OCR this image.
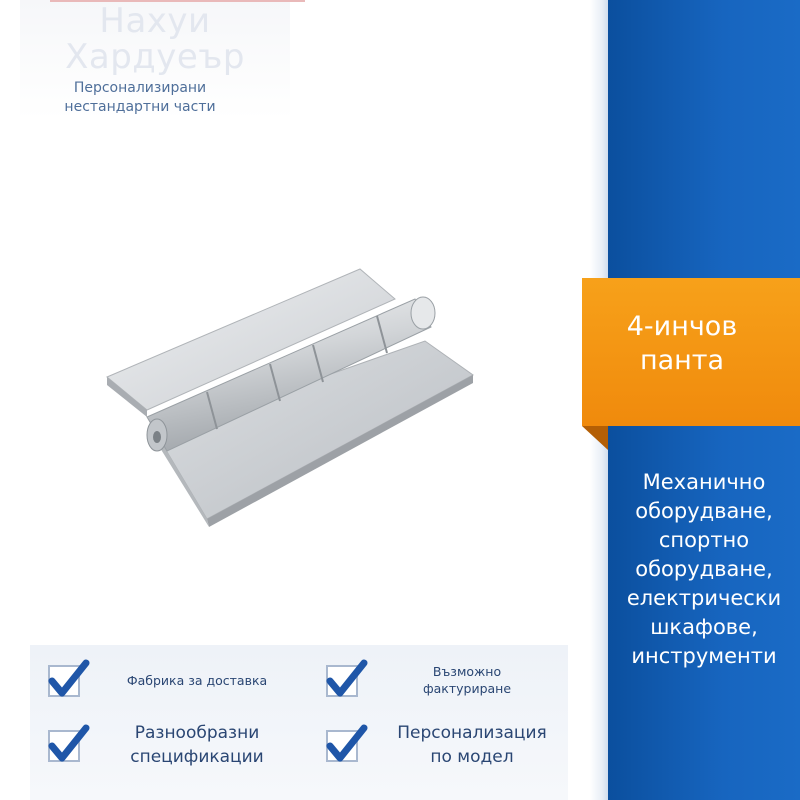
Нахуи
Хардуеър
Персонализирани
нестандартни части
4-инчов
панта
Механично
оборудване,
спортно
оборудване,
електрически
шкафове,
инструменти
Фабрика за доставка
Възможно
фактуриране
Разнообразни
спецификации
Персонализация
по модел
